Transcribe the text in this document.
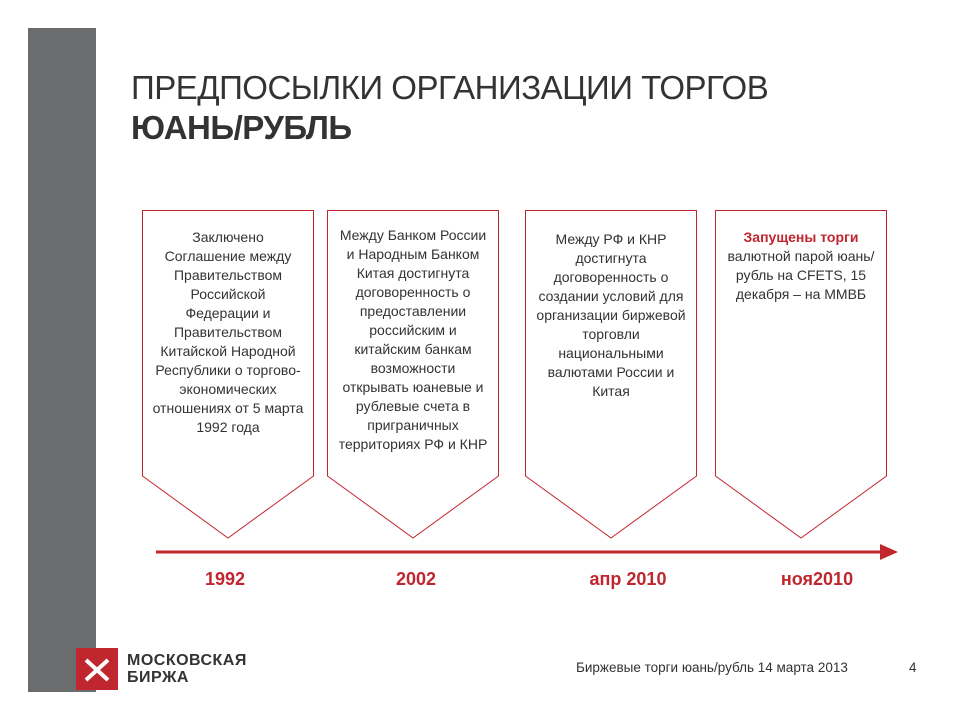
ПРЕДПОСЫЛКИ ОРГАНИЗАЦИИ ТОРГОВ
ЮАНЬ/РУБЛЬ
Заключено Соглашение между Правительством Российской Федерации и Правительством Китайской Народной Республики о торгово-экономических отношениях от 5 марта 1992 года
Между Банком России и Народным Банком Китая достигнута договоренность о предоставлении российским и китайским банкам возможности открывать юаневые и рублевые счета в приграничных территориях РФ и КНР
Между РФ и КНР достигнута договоренность о создании условий для организации биржевой торговли национальными валютами России и Китая
Запущены торги валютной парой юань/рубль на CFETS, 15 декабря – на ММВБ
1992	2002	апр 2010	ноя2010
МОСКОВСКАЯ
БИРЖА
Биржевые торги юань/рубль 14 марта 2013	4
